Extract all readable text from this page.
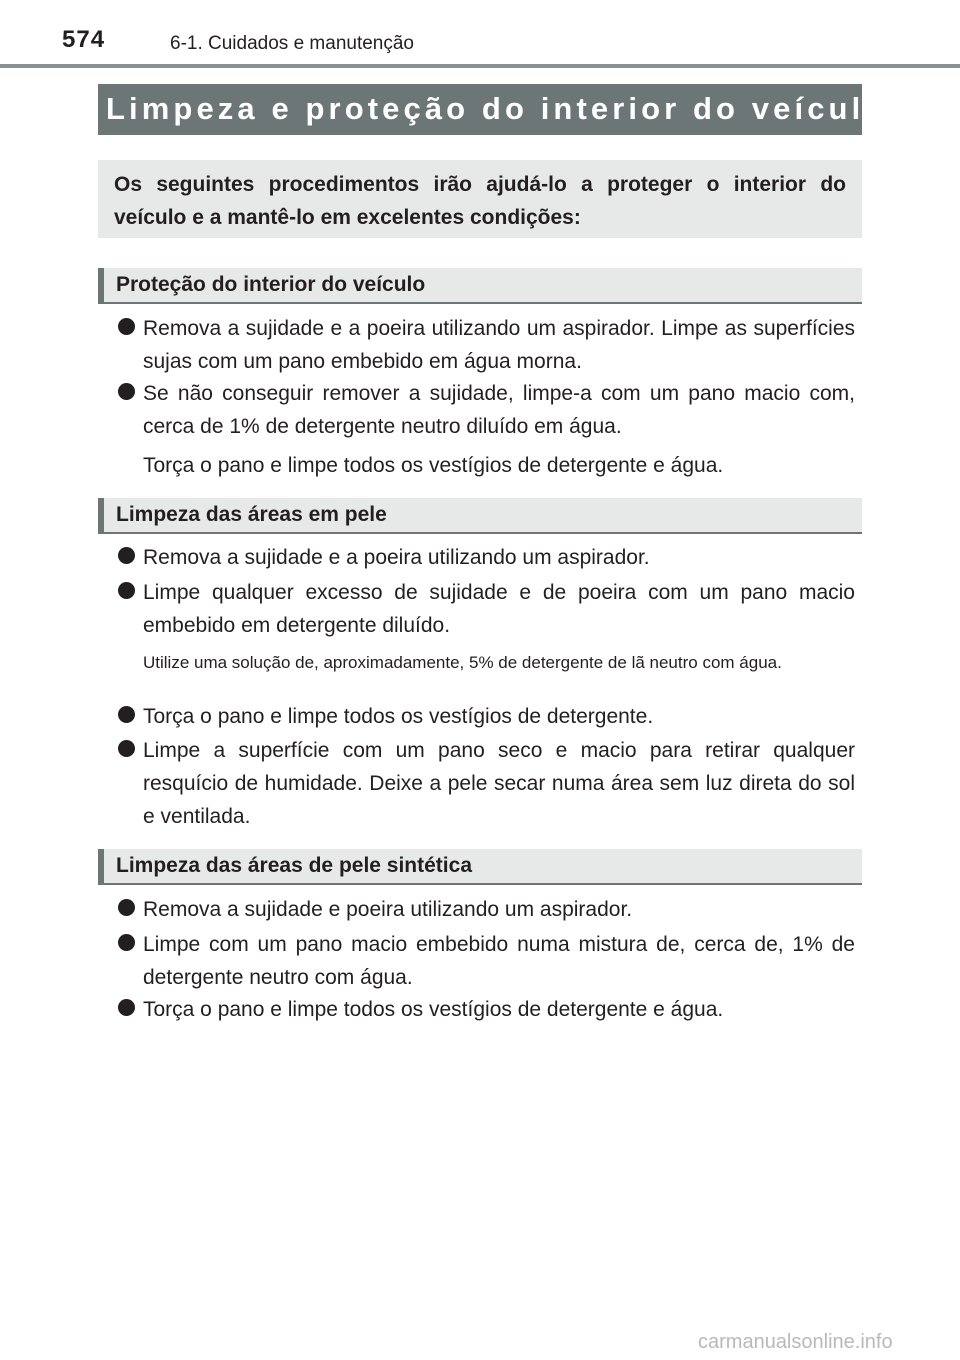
574	6-1. Cuidados e manutenção
Limpeza e proteção do interior do veículo

Os seguintes procedimentos irão ajudá-lo a proteger o interior do veículo e a mantê-lo em excelentes condições:

Proteção do interior do veículo

Remova a sujidade e a poeira utilizando um aspirador. Limpe as superfícies sujas com um pano embebido em água morna.

Se não conseguir remover a sujidade, limpe-a com um pano macio com, cerca de 1% de detergente neutro diluído em água.

Torça o pano e limpe todos os vestígios de detergente e água.

Limpeza das áreas em pele

Remova a sujidade e a poeira utilizando um aspirador.

Limpe qualquer excesso de sujidade e de poeira com um pano macio embebido em detergente diluído.

Utilize uma solução de, aproximadamente, 5% de detergente de lã neutro com água.

Torça o pano e limpe todos os vestígios de detergente.

Limpe a superfície com um pano seco e macio para retirar qualquer resquício de humidade. Deixe a pele secar numa área sem luz direta do sol e ventilada.

Limpeza das áreas de pele sintética

Remova a sujidade e poeira utilizando um aspirador.

Limpe com um pano macio embebido numa mistura de, cerca de, 1% de detergente neutro com água.

Torça o pano e limpe todos os vestígios de detergente e água.

carmanualsonline.info
